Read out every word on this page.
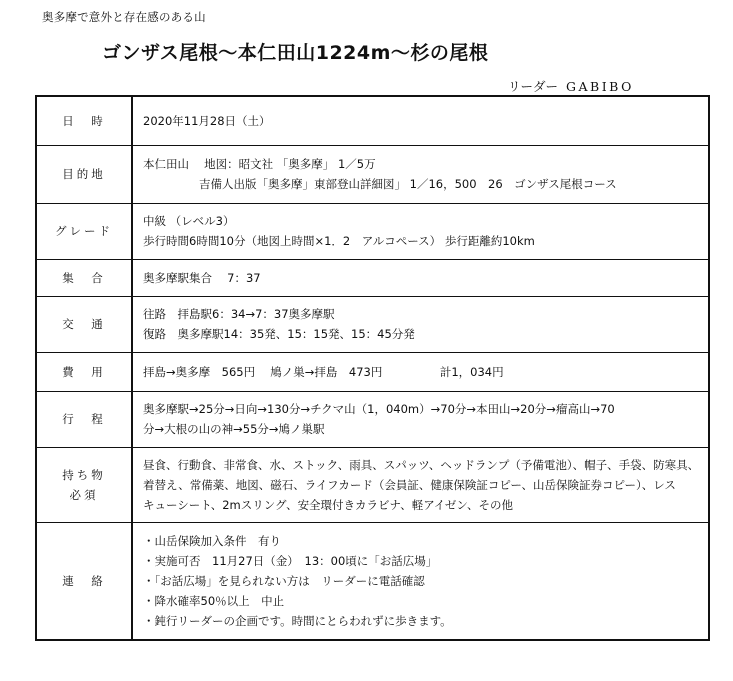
奥多摩で意外と存在感のある山
ゴンザス尾根〜本仁田山1224m〜杉の尾根
リーダー GABIBO
日　時	2020年11月28日（土）
目的地	本仁田山　 地図：昭文社 「奥多摩」 1／5万
吉備人出版「奥多摩」東部登山詳細図」 1／16，500　26　ゴンザス尾根コース

グレード	中級 （レベル3）
歩行時間6時間10分（地図上時間×1．2　アルコペース） 歩行距離約10km

集　合	奥多摩駅集合　 7：37
交　通	往路　拝島駅6：34→7：37奥多摩駅
復路　奥多摩駅14：35発、15：15発、15：45分発

費　用	拝島→奥多摩　565円　 鳩ノ巣→拝島　473円　　　　　計1，034円
行　程	奥多摩駅→25分→日向→130分→チクマ山（1，040m）→70分→本田山→20分→瘤高山→70
分→大根の山の神→55分→鳩ノ巣駅

持ち物
必須	昼食、行動食、非常食、水、ストック、雨具、スパッツ、ヘッドランプ（予備電池）、帽子、手袋、防寒具、
着替え、常備薬、地図、磁石、ライフカード（会員証、健康保険証コピー、山岳保険証券コピー）、レス
キューシート、2mスリング、安全環付きカラビナ、軽アイゼン、その他

連　絡	・山岳保険加入条件　有り
・実施可否　11月27日（金）　13：00頃に「お話広場」
・「お話広場」を見られない方は　リーダーに電話確認
・降水確率50％以上　中止
・鈍行リーダーの企画です。時間にとらわれずに歩きます。
